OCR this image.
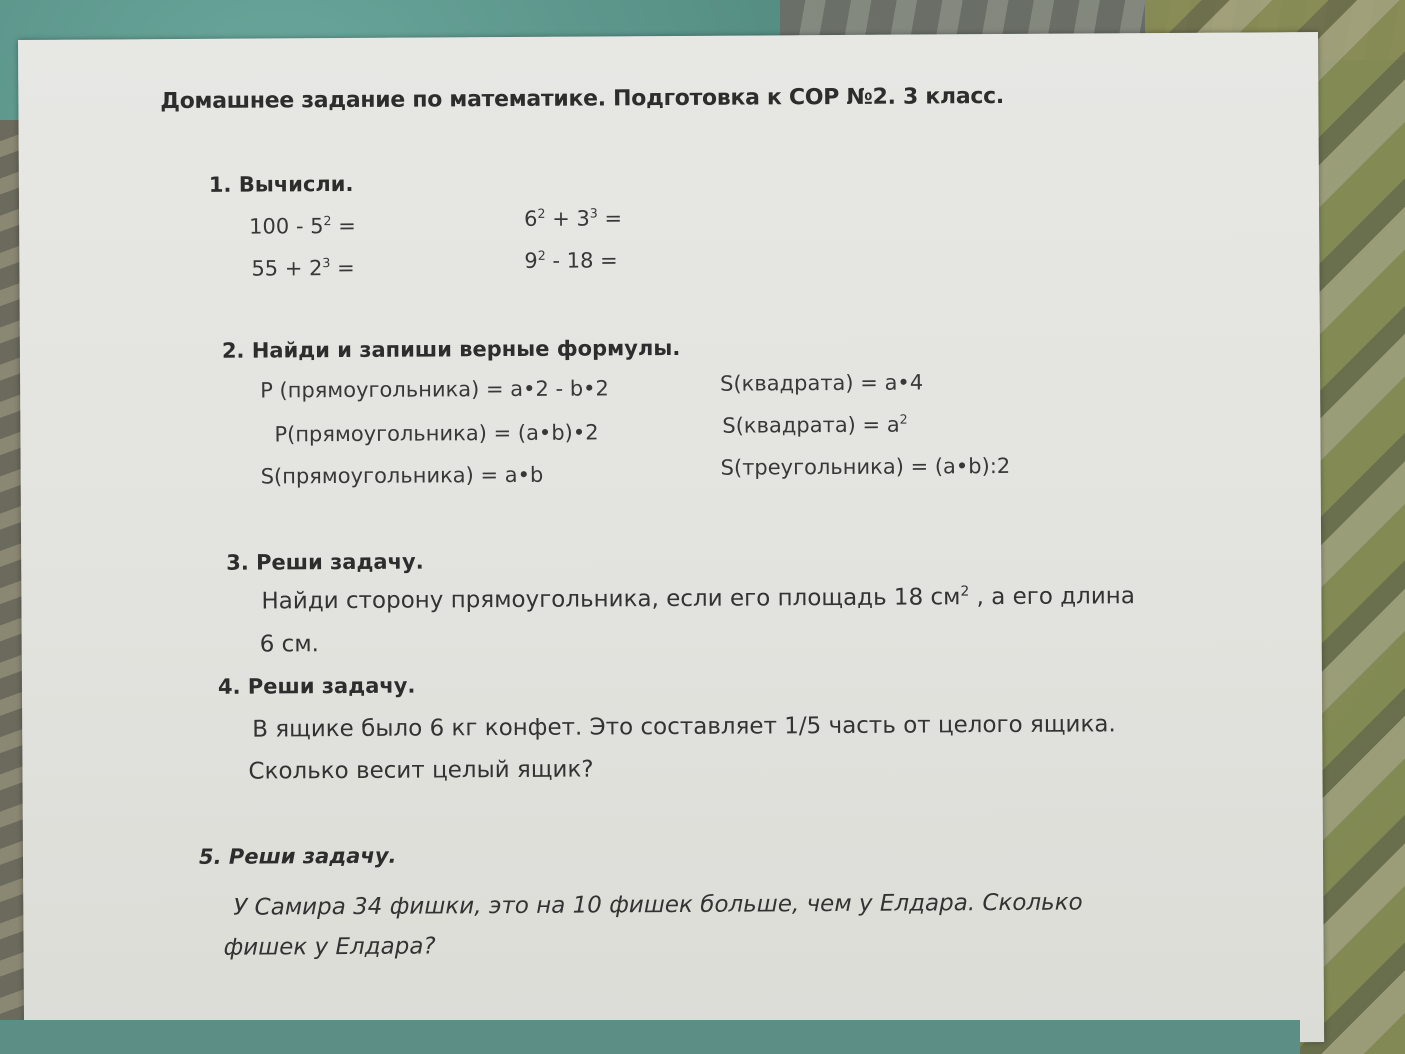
Домашнее задание по математике. Подготовка к СОР №2. 3 класс.
1. Вычисли.
$100 - 5^2$ =	$6^2 + 3^3$ =
$55 + 2^3$ =	$9^2 - 18$ =
2. Найди и запиши верные формулы.
P (прямоугольника) = a•2 - b•2
P(прямоугольника) = (a•b)•2
S(прямоугольника) = a•b
S(квадрата) = a•4
S(квадрата) = $a^2$
S(треугольника) = (a•b):2
3. Реши задачу.
Найди сторону прямоугольника, если его площадь 18 $см^2$ , а его длина
6 см.
4. Реши задачу.
В ящике было 6 кг конфет. Это составляет 1/5 часть от целого ящика.
Сколько весит целый ящик?
5. Реши задачу.
У Самира 34 фишки, это на 10 фишек больше, чем у Елдара. Сколько
фишек у Елдара?
